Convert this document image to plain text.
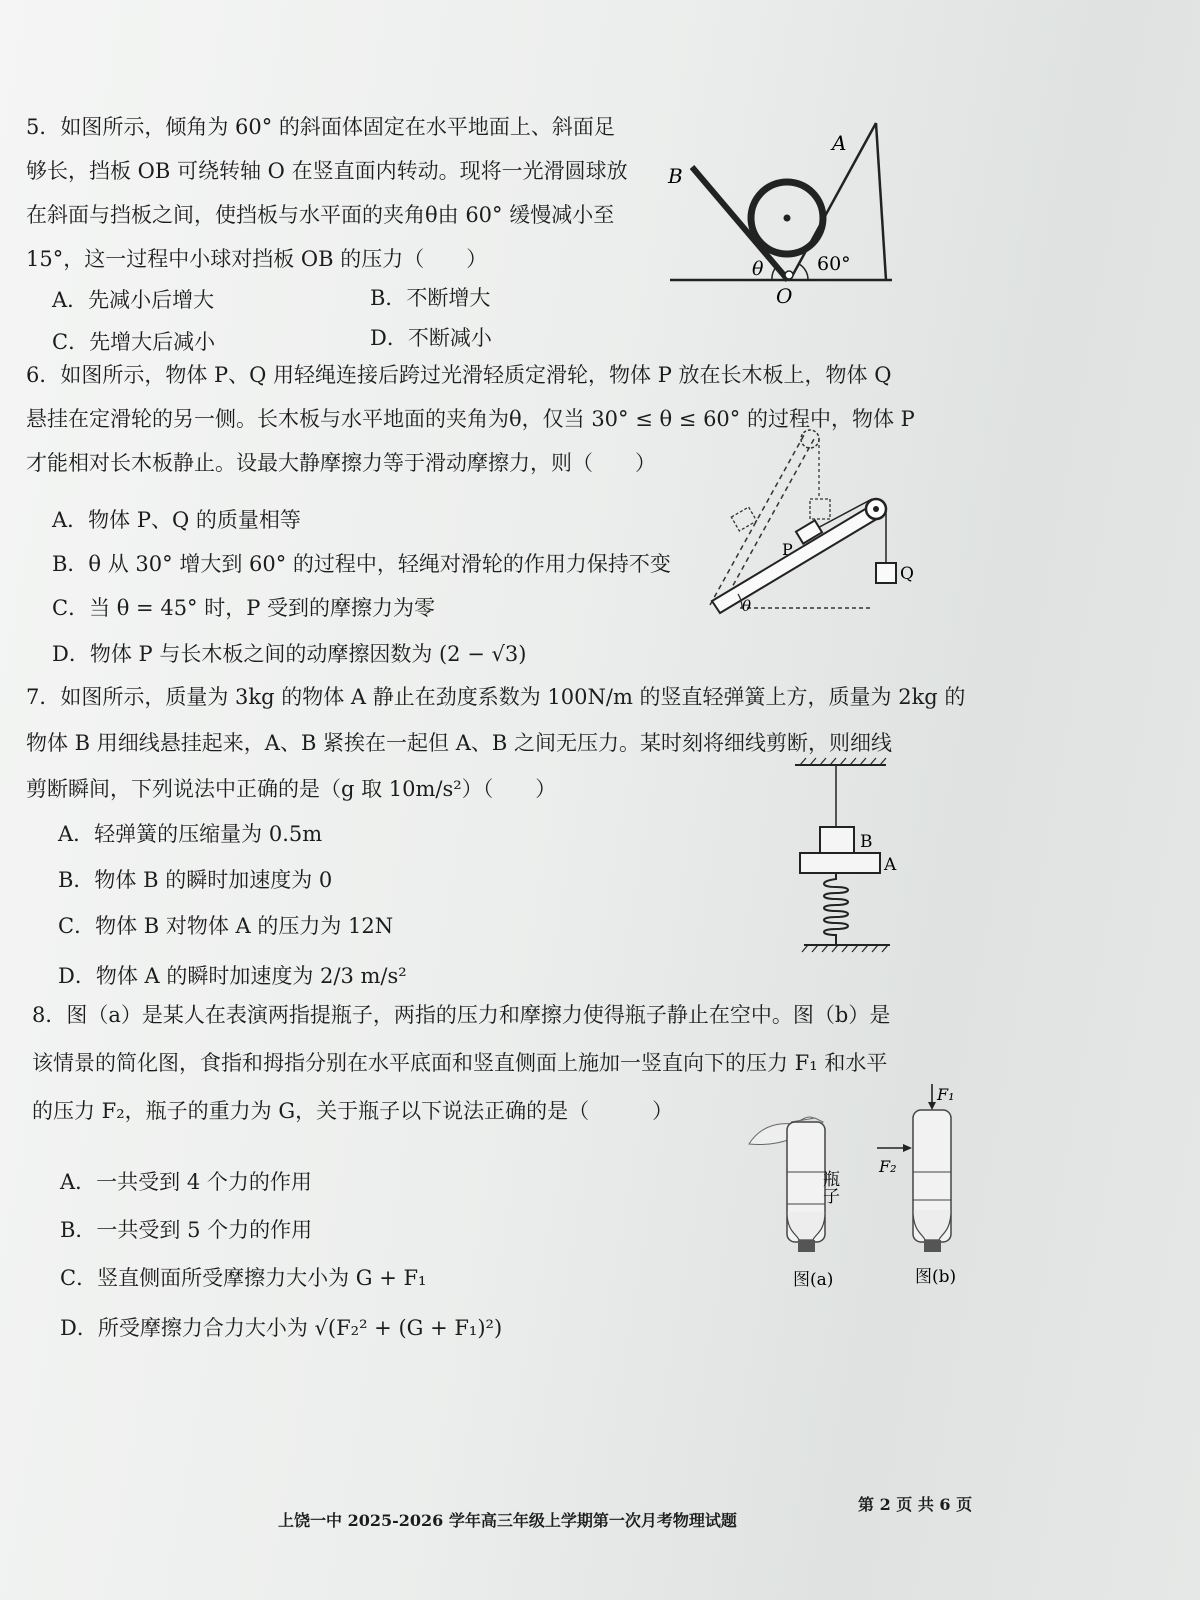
5．如图所示，倾角为 60° 的斜面体固定在水平地面上、斜面足
够长，挡板 OB 可绕转轴 O 在竖直面内转动。现将一光滑圆球放
在斜面与挡板之间，使挡板与水平面的夹角θ由 60° 缓慢减小至
15°，这一过程中小球对挡板 OB 的压力（　　）
A．先减小后增大	B．不断增大
C．先增大后减小	D．不断减小
B
A
θ	60°
O
6．如图所示，物体 P、Q 用轻绳连接后跨过光滑轻质定滑轮，物体 P 放在长木板上，物体 Q
悬挂在定滑轮的另一侧。长木板与水平地面的夹角为θ，仅当 30° ≤ θ ≤ 60° 的过程中，物体 P
才能相对长木板静止。设最大静摩擦力等于滑动摩擦力，则（　　）
A．物体 P、Q 的质量相等
B．θ 从 30° 增大到 60° 的过程中，轻绳对滑轮的作用力保持不变
C．当 θ = 45° 时，P 受到的摩擦力为零
D．物体 P 与长木板之间的动摩擦因数为 (2 − √3)
P
Q
θ
7．如图所示，质量为 3kg 的物体 A 静止在劲度系数为 100N/m 的竖直轻弹簧上方，质量为 2kg 的
物体 B 用细线悬挂起来，A、B 紧挨在一起但 A、B 之间无压力。某时刻将细线剪断，则细线
剪断瞬间，下列说法中正确的是（g 取 10m/s²）（　　）
A．轻弹簧的压缩量为 0.5m
B．物体 B 的瞬时加速度为 0
C．物体 B 对物体 A 的压力为 12N
D．物体 A 的瞬时加速度为 2/3 m/s²
B
A
8．图（a）是某人在表演两指提瓶子，两指的压力和摩擦力使得瓶子静止在空中。图（b）是
该情景的简化图，食指和拇指分别在水平底面和竖直侧面上施加一竖直向下的压力 F₁ 和水平
的压力 F₂，瓶子的重力为 G，关于瓶子以下说法正确的是（　　　）
A．一共受到 4 个力的作用
B．一共受到 5 个力的作用
C．竖直侧面所受摩擦力大小为 G + F₁
D．所受摩擦力合力大小为 √(F₂² + (G + F₁)²)
瓶子
图(a)
F₁
F₂
图(b)
第 2 页 共 6 页
上饶一中 2025-2026 学年高三年级上学期第一次月考物理试题
